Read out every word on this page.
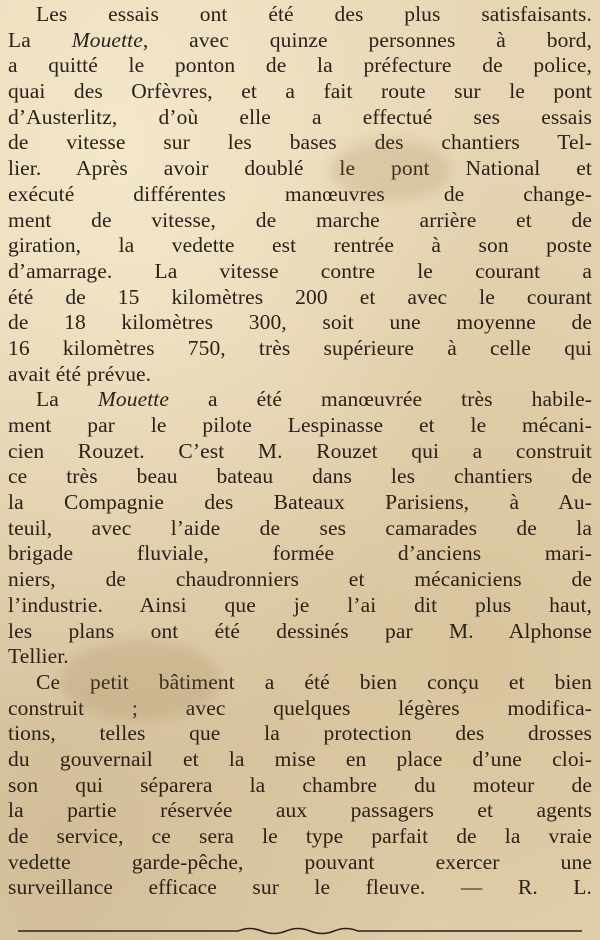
Les essais ont été des plus satisfaisants.
La Mouette, avec quinze personnes à bord,
a quitté le ponton de la préfecture de police,
quai des Orfèvres, et a fait route sur le pont
d’Austerlitz, d’où elle a effectué ses essais
de vitesse sur les bases des chantiers Tel-
lier. Après avoir doublé le pont National et
exécuté différentes manœuvres de change-
ment de vitesse, de marche arrière et de
giration, la vedette est rentrée à son poste
d’amarrage. La vitesse contre le courant a
été de 15 kilomètres 200 et avec le courant
de 18 kilomètres 300, soit une moyenne de
16 kilomètres 750, très supérieure à celle qui
avait été prévue.
La Mouette a été manœuvrée très habile-
ment par le pilote Lespinasse et le mécani-
cien Rouzet. C’est M. Rouzet qui a construit
ce très beau bateau dans les chantiers de
la Compagnie des Bateaux Parisiens, à Au-
teuil, avec l’aide de ses camarades de la
brigade fluviale, formée d’anciens mari-
niers, de chaudronniers et mécaniciens de
l’industrie. Ainsi que je l’ai dit plus haut,
les plans ont été dessinés par M. Alphonse
Tellier.
Ce petit bâtiment a été bien conçu et bien
construit ; avec quelques légères modifica-
tions, telles que la protection des drosses
du gouvernail et la mise en place d’une cloi-
son qui séparera la chambre du moteur de
la partie réservée aux passagers et agents
de service, ce sera le type parfait de la vraie
vedette garde-pêche, pouvant exercer une
surveillance efficace sur le fleuve. — R. L.
